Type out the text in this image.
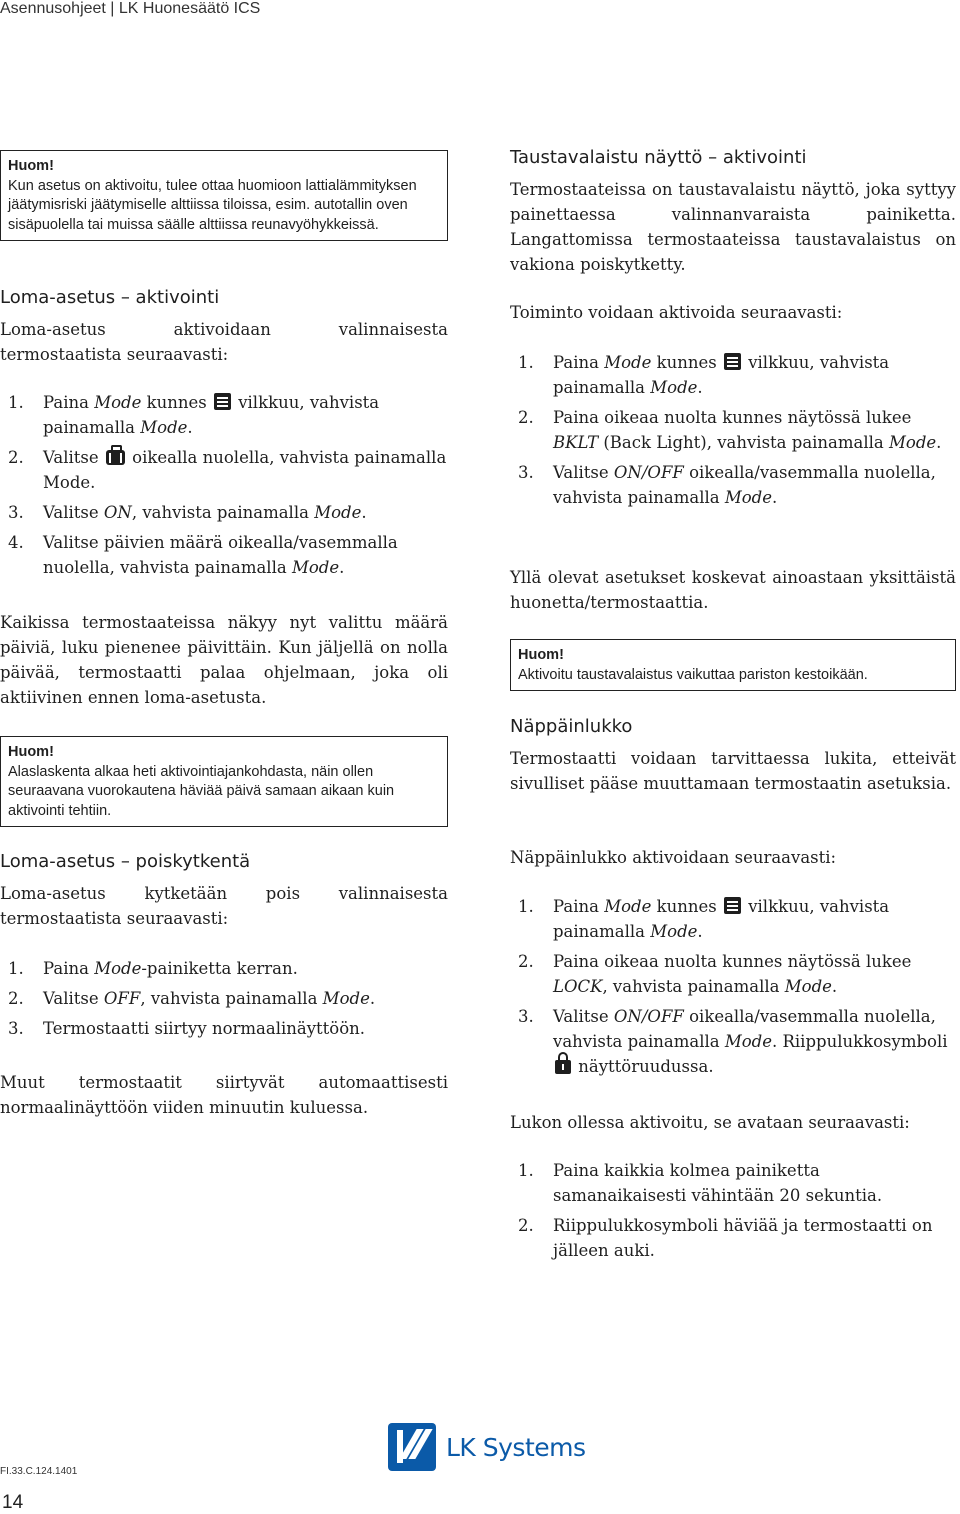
Asennusohjeet | LK Huonesäätö ICS
Huom!
Kun asetus on aktivoitu, tulee ottaa huomioon lattialämmityksen jäätymisriski jäätymiselle alttiissa tiloissa, esim. autotallin oven sisäpuolella tai muissa säälle alttiissa reunavyöhykkeissä.
Loma-asetus – aktivointi
Loma-asetus aktivoidaan valinnaisesta termostaatista seuraavasti:
1. Paina Mode kunnes  vilkkuu, vahvista painamalla Mode.
2. Valitse  oikealla nuolella, vahvista painamalla Mode.
3. Valitse ON, vahvista painamalla Mode.
4. Valitse päivien määrä oikealla/vasemmalla nuolella, vahvista painamalla Mode.
Kaikissa termostaateissa näkyy nyt valittu määrä päiviä, luku pienenee päivittäin. Kun jäljellä on nolla päivää, termostaatti palaa ohjelmaan, joka oli aktiivinen ennen loma-asetusta.
Huom!
Alaslaskenta alkaa heti aktivointiajankohdasta, näin ollen seuraavana vuorokautena häviää päivä samaan aikaan kuin aktivointi tehtiin.
Loma-asetus – poiskytkentä
Loma-asetus kytketään pois valinnaisesta termostaatista seuraavasti:
1. Paina Mode-painiketta kerran.
2. Valitse OFF, vahvista painamalla Mode.
3. Termostaatti siirtyy normaalinäyttöön.
Muut termostaatit siirtyvät automaattisesti normaalinäyttöön viiden minuutin kuluessa.
Taustavalaistu näyttö – aktivointi
Termostaateissa on taustavalaistu näyttö, joka syttyy painettaessa valinnanvaraista painiketta. Langattomissa termostaateissa taustavalaistus on vakiona poiskytketty.
Toiminto voidaan aktivoida seuraavasti:
1. Paina Mode kunnes  vilkkuu, vahvista painamalla Mode.
2. Paina oikeaa nuolta kunnes näytössä lukee BKLT (Back Light), vahvista painamalla Mode.
3. Valitse ON/OFF oikealla/vasemmalla nuolella, vahvista painamalla Mode.
Yllä olevat asetukset koskevat ainoastaan yksittäistä huonetta/termostaattia.
Huom!
Aktivoitu taustavalaistus vaikuttaa pariston kestoikään.
Näppäinlukko
Termostaatti voidaan tarvittaessa lukita, etteivät sivulliset pääse muuttamaan termostaatin asetuksia.
Näppäinlukko aktivoidaan seuraavasti:
1. Paina Mode kunnes  vilkkuu, vahvista painamalla Mode.
2. Paina oikeaa nuolta kunnes näytössä lukee LOCK, vahvista painamalla Mode.
3. Valitse ON/OFF oikealla/vasemmalla nuolella, vahvista painamalla Mode. Riippulukkosymboli  näyttöruudussa.
Lukon ollessa aktivoitu, se avataan seuraavasti:
1. Paina kaikkia kolmea painiketta samanaikaisesti vähintään 20 sekuntia.
2. Riippulukkosymboli häviää ja termostaatti on jälleen auki.
LK Systems
FI.33.C.124.1401
14
